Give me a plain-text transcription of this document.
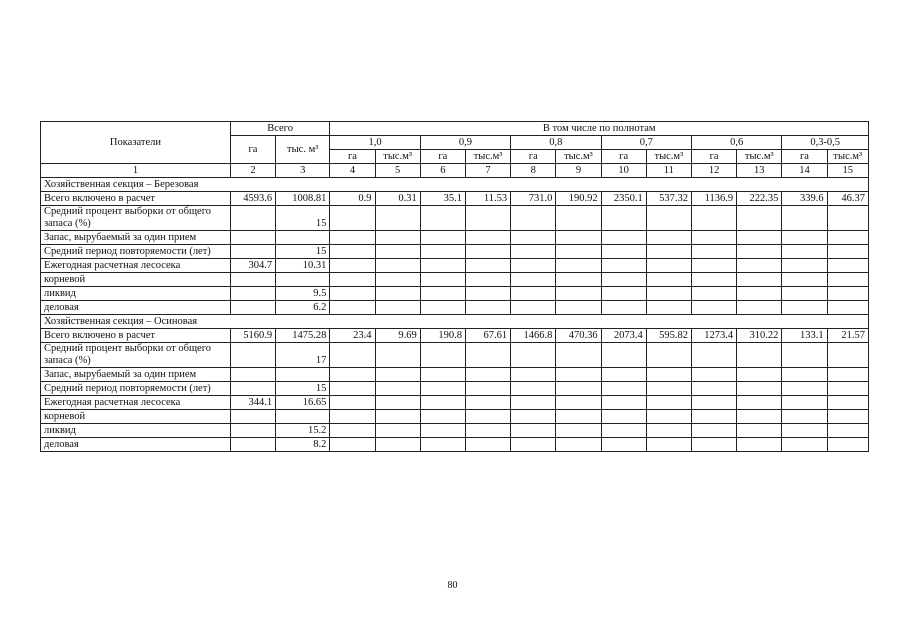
Показатели	Всего		В том числе по полнотам											
	га	тыс. м³	1,0		0,9		0,8		0,7		0,6		0,3-0,5	
			га	тыс.м³	га	тыс.м³	га	тыс.м³	га	тыс.м³	га	тыс.м³	га	тыс.м³
1	2	3	4	5	6	7	8	9	10	11	12	13	14	15
Хозяйственная секция – Березовая														
Всего включено в расчет	4593.6	1008.81	0.9	0.31	35.1	11.53	731.0	190.92	2350.1	537.32	1136.9	222.35	339.6	46.37
Средний процент выборки от общего запаса (%)		15												
Запас, вырубаемый за один прием														
Средний период повторяемости (лет)		15												
Ежегодная расчетная лесосека	304.7	10.31												
корневой														
ликвид		9.5												
деловая		6.2												
Хозяйственная секция – Осиновая														
Всего включено в расчет	5160.9	1475.28	23.4	9.69	190.8	67.61	1466.8	470.36	2073.4	595.82	1273.4	310.22	133.1	21.57
Средний процент выборки от общего запаса (%)		17												
Запас, вырубаемый за один прием														
Средний период повторяемости (лет)		15												
Ежегодная расчетная лесосека	344.1	16.65												
корневой														
ликвид		15.2												
деловая		8.2												
80
